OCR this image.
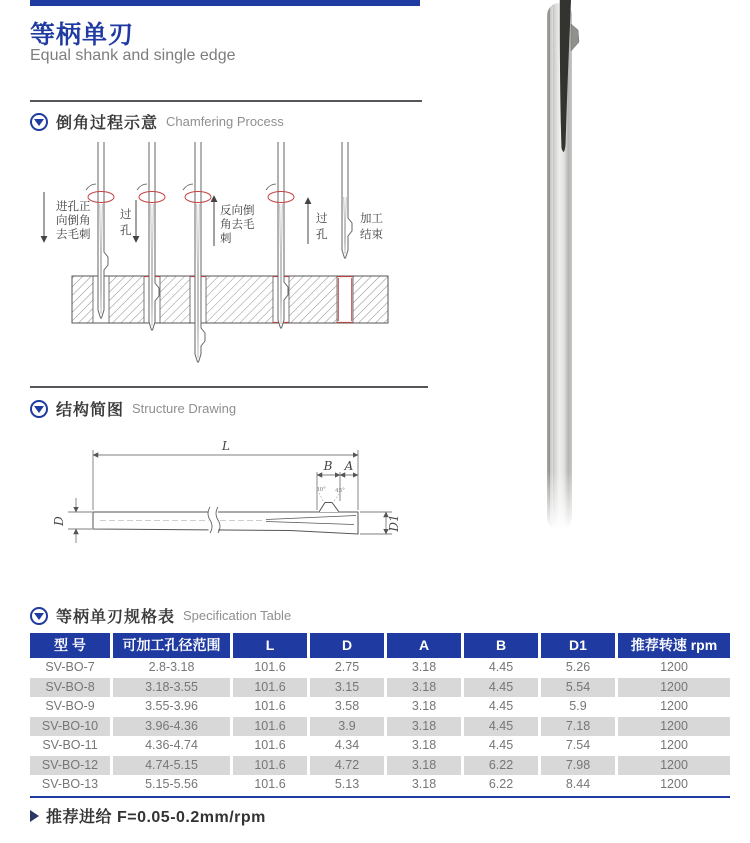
等柄单刃
Equal shank and single edge
倒角过程示意 Chamfering Process
进孔正
向倒角
去毛刺
过
孔
反向倒
角去毛
刺
过
孔
加工
结束
结构简图 Structure Drawing
L
B A
D	D1
30° 45°
等柄单刃规格表 Specification Table
型 号	可加工孔径范围	L	D	A	B	D1	推荐转速 rpm
SV-BO-7	2.8-3.18	101.6	2.75	3.18	4.45	5.26	1200
SV-BO-8	3.18-3.55	101.6	3.15	3.18	4.45	5.54	1200
SV-BO-9	3.55-3.96	101.6	3.58	3.18	4.45	5.9	1200
SV-BO-10	3.96-4.36	101.6	3.9	3.18	4.45	7.18	1200
SV-BO-11	4.36-4.74	101.6	4.34	3.18	4.45	7.54	1200
SV-BO-12	4.74-5.15	101.6	4.72	3.18	6.22	7.98	1200
SV-BO-13	5.15-5.56	101.6	5.13	3.18	6.22	8.44	1200
推荐进给 F=0.05-0.2mm/rpm
